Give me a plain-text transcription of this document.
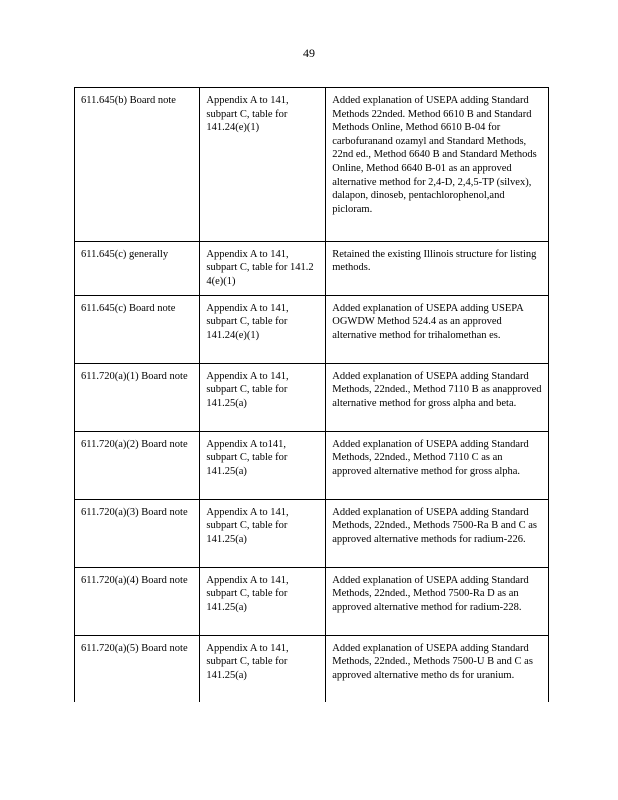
49
611.645(b) Board note	Appendix A to 141, subpart C, table for 141.24(e)(1)	Added explanation of USEPA adding Standard Methods 22nded. Method 6610 B and Standard Methods Online, Method 6610 B-04 for carbofuranand ozamyl and Standard Methods, 22nd ed., Method 6640 B and Standard Methods Online, Method 6640 B-01 as an approved alternative method for 2,4-D, 2,4,5-TP (silvex), dalapon, dinoseb, pentachlorophenol,and picloram.
611.645(c) generally	Appendix A to 141, subpart C, table for 141.2 4(e)(1)	Retained the existing Illinois structure for listing methods.
611.645(c) Board note	Appendix A to 141, subpart C, table for 141.24(e)(1)	Added explanation of USEPA adding USEPA OGWDW Method 524.4 as an approved alternative method for trihalomethan es.
611.720(a)(1) Board note	Appendix A to 141, subpart C, table for 141.25(a)	Added explanation of USEPA adding Standard Methods, 22nded., Method 7110 B as anapproved alternative method for gross alpha and beta.
611.720(a)(2) Board note	Appendix A to141, subpart C, table for 141.25(a)	Added explanation of USEPA adding Standard Methods, 22nded., Method 7110 C as an approved alternative method for gross alpha.
611.720(a)(3) Board note	Appendix A to 141, subpart C, table for 141.25(a)	Added explanation of USEPA adding Standard Methods, 22nded., Methods 7500-Ra B and C as approved alternative methods for radium-226.
611.720(a)(4) Board note	Appendix A to 141, subpart C, table for 141.25(a)	Added explanation of USEPA adding Standard Methods, 22nded., Method 7500-Ra D as an approved alternative method for radium-228.
611.720(a)(5) Board note	Appendix A to 141, subpart C, table for 141.25(a)	Added explanation of USEPA adding Standard Methods, 22nded., Methods 7500-U B and C as approved alternative metho ds for uranium.
